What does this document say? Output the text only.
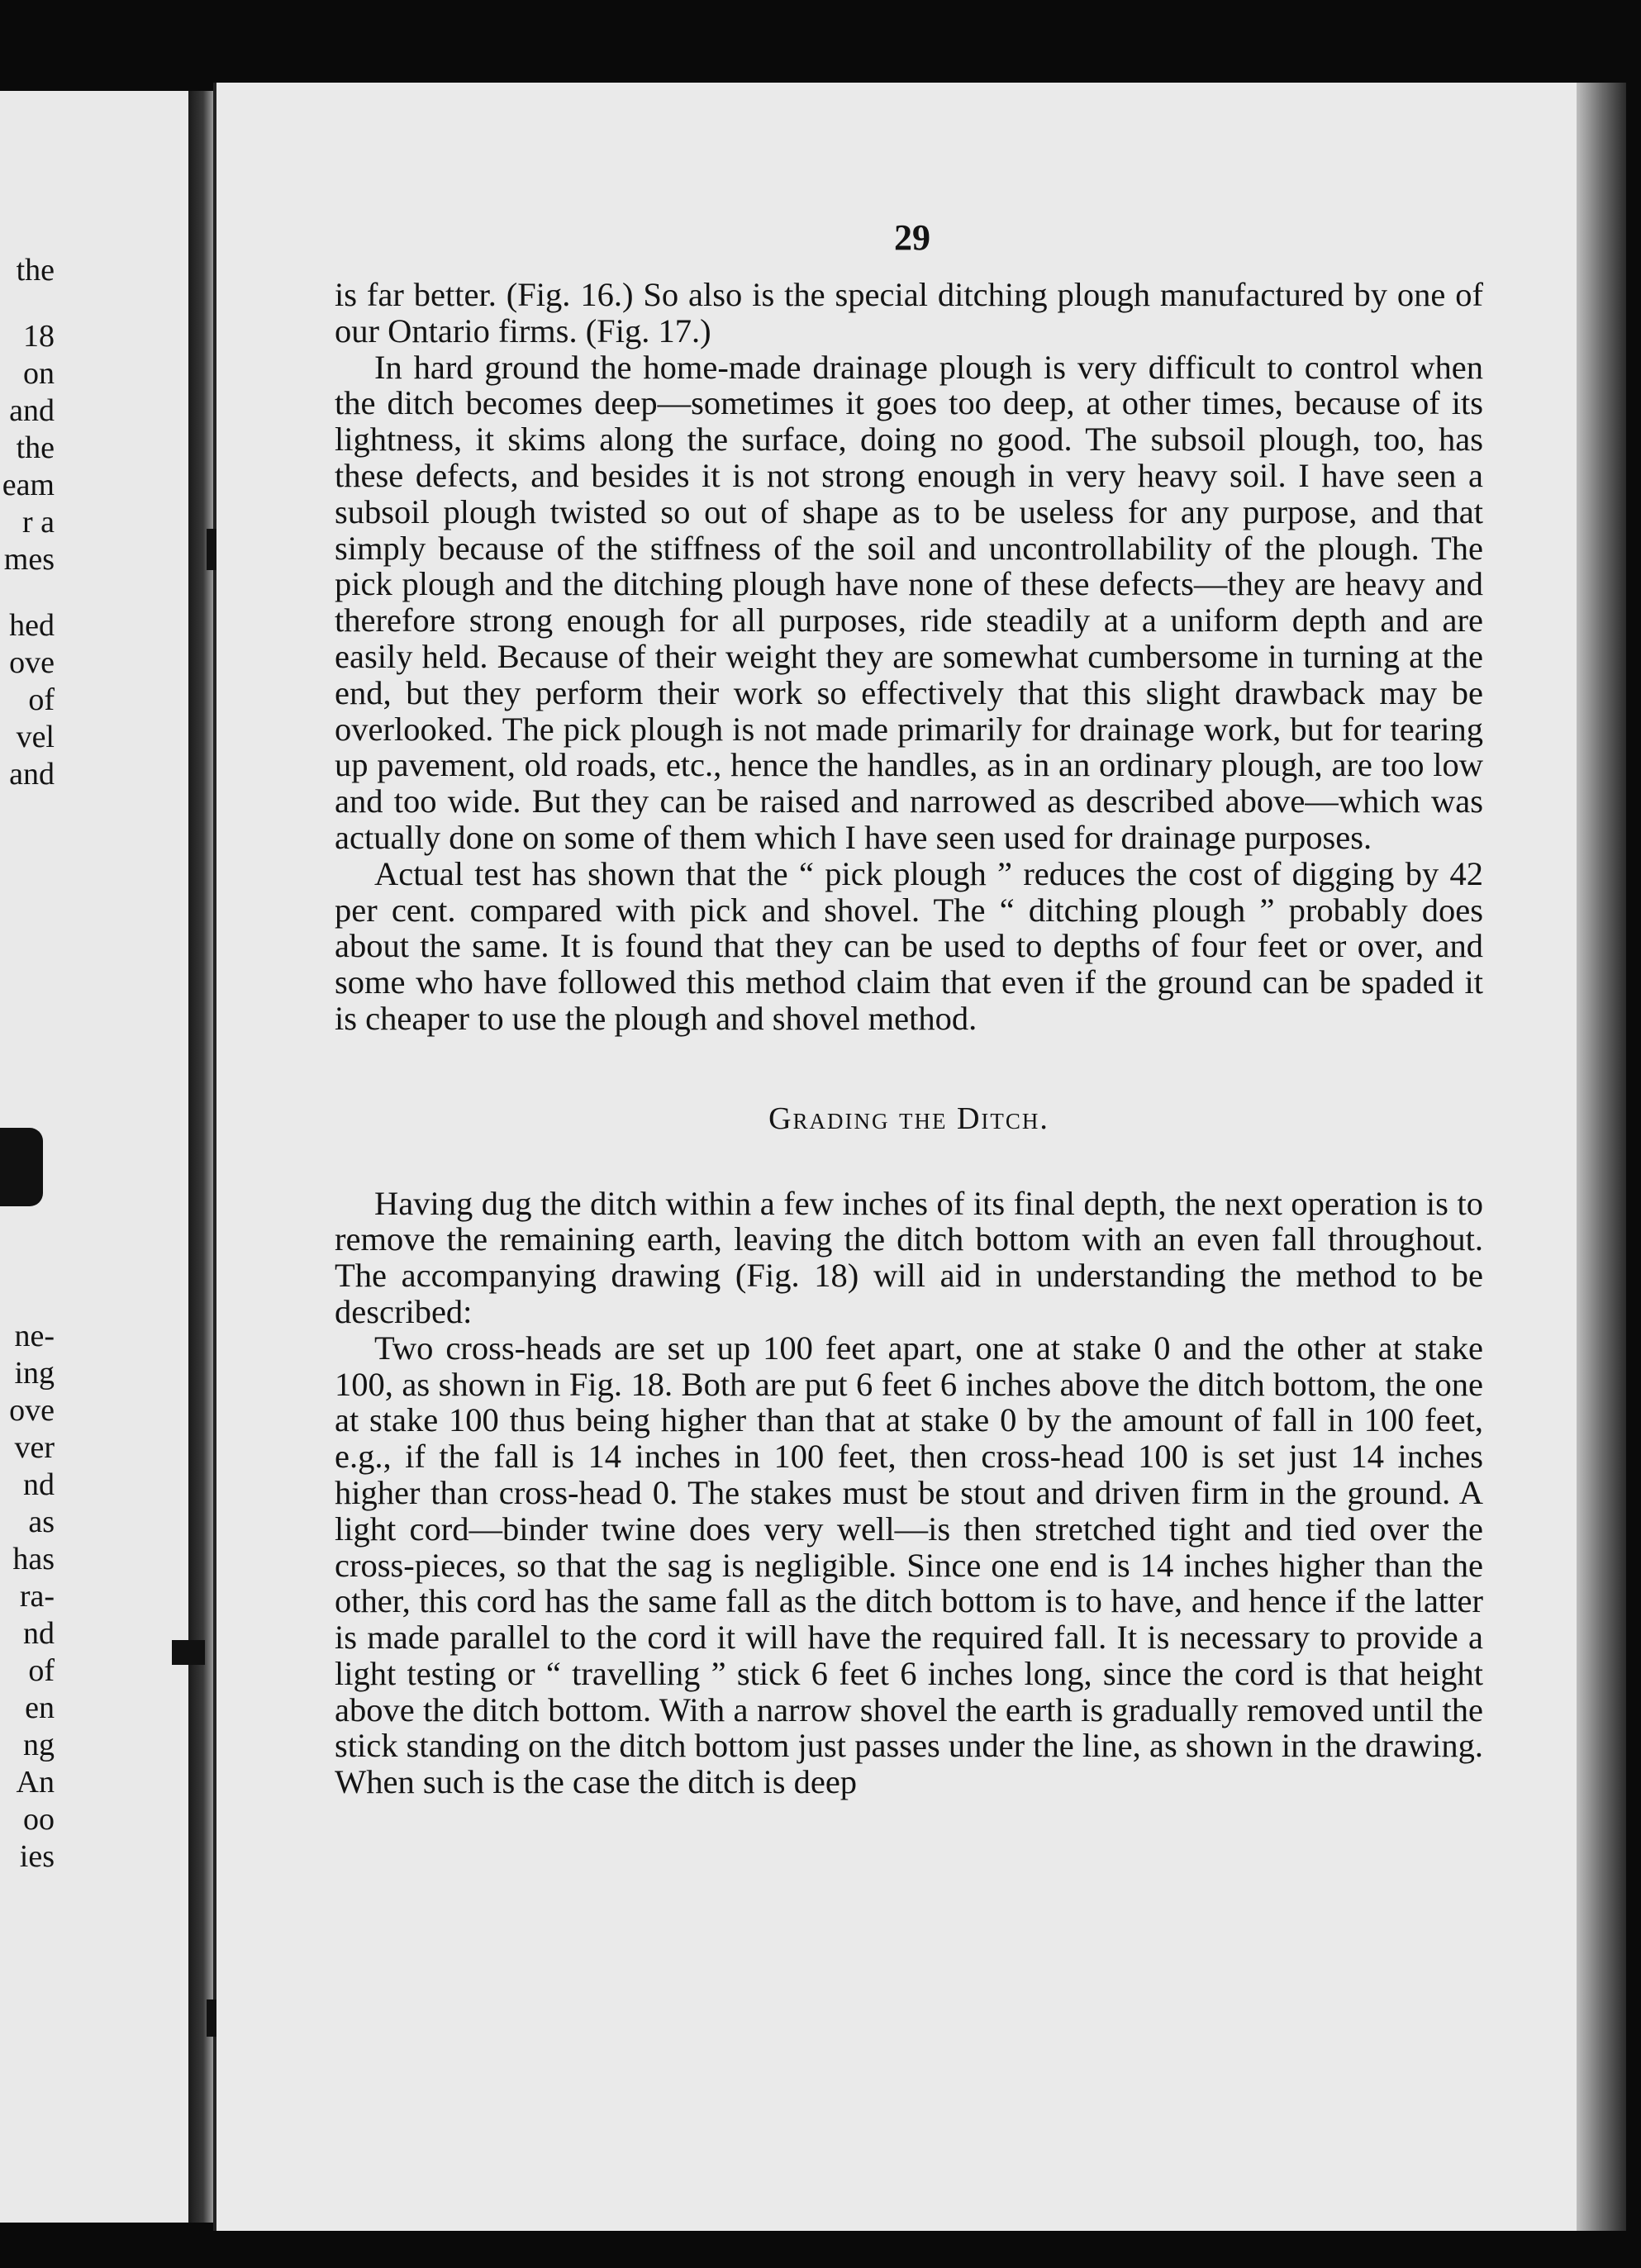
the
18
on
and
the
eam
r a
mes
hed
ove
of
vel
and
ne-
ing
ove
ver
nd
as
has
ra-
nd
of
en
ng
An
oo
ies
29

is far better. (Fig. 16.) So also is the special ditching plough manufactured by one of our Ontario firms. (Fig. 17.)

In hard ground the home-made drainage plough is very difficult to control when the ditch becomes deep—sometimes it goes too deep, at other times, because of its lightness, it skims along the surface, doing no good. The subsoil plough, too, has these defects, and besides it is not strong enough in very heavy soil. I have seen a subsoil plough twisted so out of shape as to be useless for any purpose, and that simply because of the stiffness of the soil and uncontrollability of the plough. The pick plough and the ditching plough have none of these defects—they are heavy and therefore strong enough for all purposes, ride steadily at a uniform depth and are easily held. Because of their weight they are somewhat cumbersome in turning at the end, but they perform their work so effectively that this slight drawback may be overlooked. The pick plough is not made primarily for drainage work, but for tearing up pavement, old roads, etc., hence the handles, as in an ordinary plough, are too low and too wide. But they can be raised and narrowed as described above—which was actually done on some of them which I have seen used for drainage purposes.

Actual test has shown that the “ pick plough ” reduces the cost of digging by 42 per cent. compared with pick and shovel. The “ ditching plough ” probably does about the same. It is found that they can be used to depths of four feet or over, and some who have followed this method claim that even if the ground can be spaded it is cheaper to use the plough and shovel method.

Grading the Ditch.

Having dug the ditch within a few inches of its final depth, the next operation is to remove the remaining earth, leaving the ditch bottom with an even fall throughout. The accompanying drawing (Fig. 18) will aid in understanding the method to be described:

Two cross-heads are set up 100 feet apart, one at stake 0 and the other at stake 100, as shown in Fig. 18. Both are put 6 feet 6 inches above the ditch bottom, the one at stake 100 thus being higher than that at stake 0 by the amount of fall in 100 feet, e.g., if the fall is 14 inches in 100 feet, then cross-head 100 is set just 14 inches higher than cross-head 0. The stakes must be stout and driven firm in the ground. A light cord—binder twine does very well—is then stretched tight and tied over the cross-pieces, so that the sag is negligible. Since one end is 14 inches higher than the other, this cord has the same fall as the ditch bottom is to have, and hence if the latter is made parallel to the cord it will have the required fall. It is necessary to provide a light testing or “ travelling ” stick 6 feet 6 inches long, since the cord is that height above the ditch bottom. With a narrow shovel the earth is gradually removed until the stick standing on the ditch bottom just passes under the line, as shown in the drawing. When such is the case the ditch is deep
